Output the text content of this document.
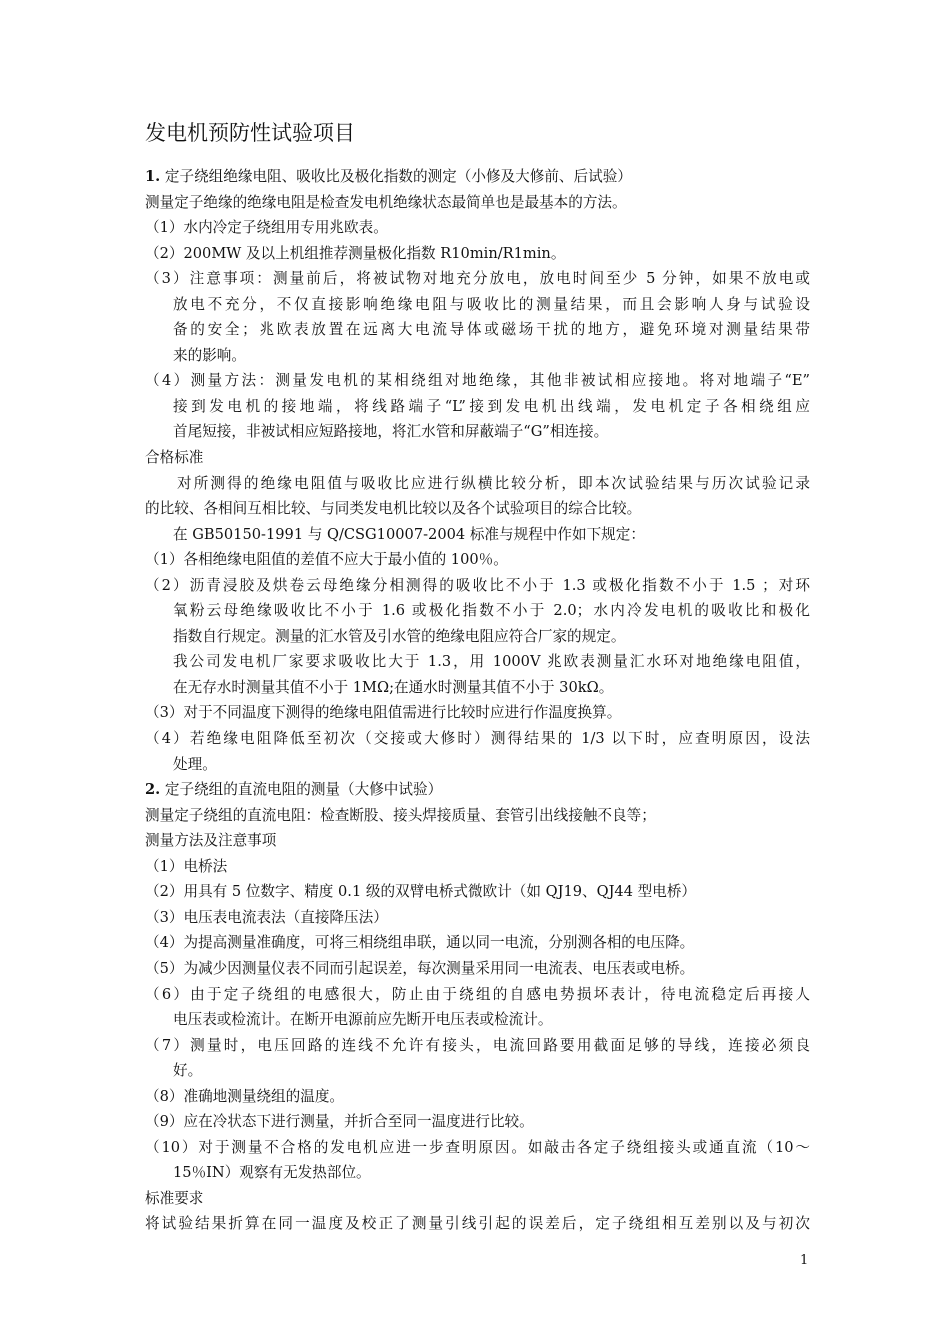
发电机预防性试验项目
1. 定子绕组绝缘电阻、吸收比及极化指数的测定（小修及大修前、后试验）
测量定子绝缘的绝缘电阻是检查发电机绝缘状态最简单也是最基本的方法。
（1）水内冷定子绕组用专用兆欧表。
（2）200MW 及以上机组推荐测量极化指数 R10min/R1min。
（3）注意事项：测量前后，将被试物对地充分放电，放电时间至少 5 分钟，如果不放电或
放电不充分，不仅直接影响绝缘电阻与吸收比的测量结果，而且会影响人身与试验设
备的安全；兆欧表放置在远离大电流导体或磁场干扰的地方，避免环境对测量结果带
来的影响。
（4）测量方法：测量发电机的某相绕组对地绝缘，其他非被试相应接地。将对地端子“E”
接到发电机的接地端，将线路端子“L”接到发电机出线端，发电机定子各相绕组应
首尾短接，非被试相应短路接地，将汇水管和屏蔽端子“G”相连接。
合格标准
对所测得的绝缘电阻值与吸收比应进行纵横比较分析，即本次试验结果与历次试验记录
的比较、各相间互相比较、与同类发电机比较以及各个试验项目的综合比较。
在 GB50150-1991 与 Q/CSG10007-2004 标准与规程中作如下规定：
（1）各相绝缘电阻值的差值不应大于最小值的 100％。
（2）沥青浸胶及烘卷云母绝缘分相测得的吸收比不小于 1.3 或极化指数不小于 1.5 ；对环
氧粉云母绝缘吸收比不小于 1.6 或极化指数不小于 2.0；水内冷发电机的吸收比和极化
指数自行规定。测量的汇水管及引水管的绝缘电阻应符合厂家的规定。
我公司发电机厂家要求吸收比大于 1.3，用 1000V 兆欧表测量汇水环对地绝缘电阻值，
在无存水时测量其值不小于 1MΩ;在通水时测量其值不小于 30kΩ。
（3）对于不同温度下测得的绝缘电阻值需进行比较时应进行作温度换算。
（4）若绝缘电阻降低至初次（交接或大修时）测得结果的 1/3 以下时，应查明原因，设法
处理。
2. 定子绕组的直流电阻的测量（大修中试验）
测量定子绕组的直流电阻：检查断股、接头焊接质量、套管引出线接触不良等；
测量方法及注意事项
（1）电桥法
（2）用具有 5 位数字、精度 0.1 级的双臂电桥式微欧计（如 QJ19、QJ44 型电桥）
（3）电压表电流表法（直接降压法）
（4）为提高测量准确度，可将三相绕组串联，通以同一电流，分别测各相的电压降。
（5）为减少因测量仪表不同而引起误差，每次测量采用同一电流表、电压表或电桥。
（6）由于定子绕组的电感很大，防止由于绕组的自感电势损坏表计，待电流稳定后再接人
电压表或检流计。在断开电源前应先断开电压表或检流计。
（7）测量时，电压回路的连线不允许有接头，电流回路要用截面足够的导线，连接必须良
好。
（8）准确地测量绕组的温度。
（9）应在冷状态下进行测量，并折合至同一温度进行比较。
（10）对于测量不合格的发电机应进一步查明原因。如敲击各定子绕组接头或通直流（10～
15％IN）观察有无发热部位。
标准要求
将试验结果折算在同一温度及校正了测量引线引起的误差后，定子绕组相互差别以及与初次
1
